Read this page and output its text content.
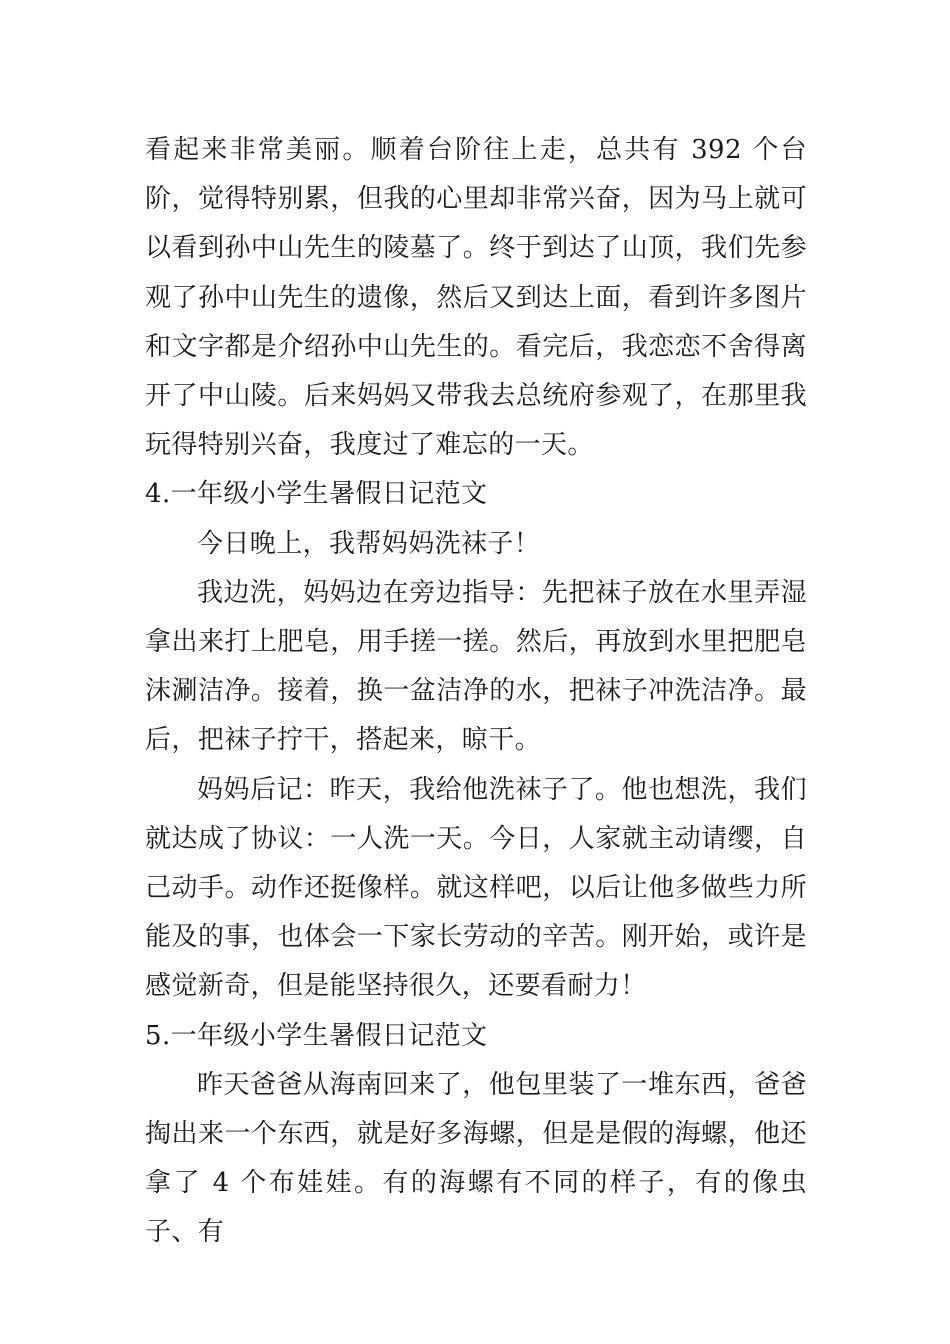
看起来非常美丽。顺着台阶往上走，总共有 392 个台阶，觉得特别累，但我的心里却非常兴奋，因为马上就可以看到孙中山先生的陵墓了。终于到达了山顶，我们先参观了孙中山先生的遗像，然后又到达上面，看到许多图片和文字都是介绍孙中山先生的。看完后，我恋恋不舍得离开了中山陵。后来妈妈又带我去总统府参观了，在那里我玩得特别兴奋，我度过了难忘的一天。

4.一年级小学生暑假日记范文

今日晚上，我帮妈妈洗袜子！

我边洗，妈妈边在旁边指导：先把袜子放在水里弄湿拿出来打上肥皂，用手搓一搓。然后，再放到水里把肥皂沫涮洁净。接着，换一盆洁净的水，把袜子冲洗洁净。最后，把袜子拧干，搭起来，晾干。

妈妈后记：昨天，我给他洗袜子了。他也想洗，我们就达成了协议：一人洗一天。今日，人家就主动请缨，自己动手。动作还挺像样。就这样吧，以后让他多做些力所能及的事，也体会一下家长劳动的辛苦。刚开始，或许是感觉新奇，但是能坚持很久，还要看耐力！

5.一年级小学生暑假日记范文

昨天爸爸从海南回来了，他包里装了一堆东西，爸爸掏出来一个东西，就是好多海螺，但是是假的海螺，他还拿了 4 个布娃娃。有的海螺有不同的样子，有的像虫子、有
